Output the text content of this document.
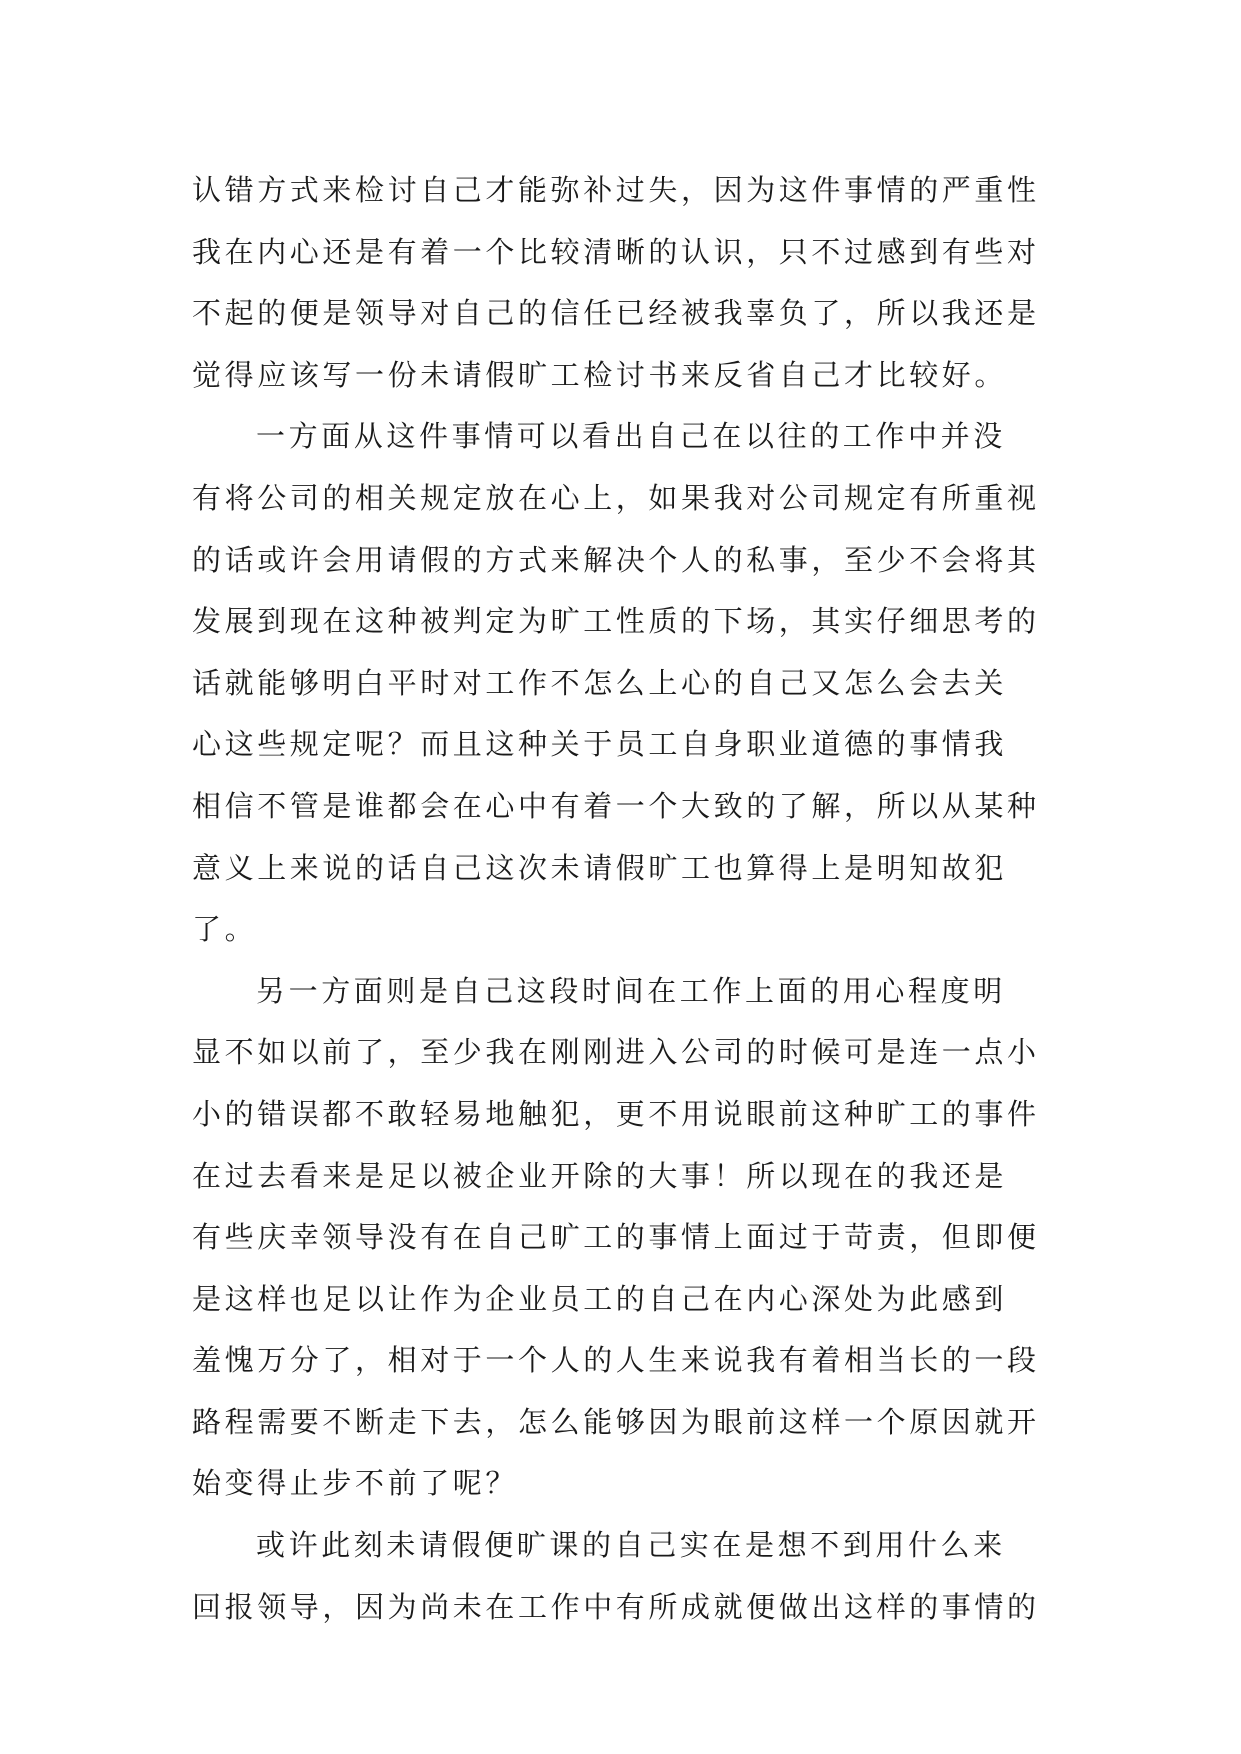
认错方式来检讨自己才能弥补过失，因为这件事情的严重性
我在内心还是有着一个比较清晰的认识，只不过感到有些对
不起的便是领导对自己的信任已经被我辜负了，所以我还是
觉得应该写一份未请假旷工检讨书来反省自己才比较好。
一方面从这件事情可以看出自己在以往的工作中并没
有将公司的相关规定放在心上，如果我对公司规定有所重视
的话或许会用请假的方式来解决个人的私事，至少不会将其
发展到现在这种被判定为旷工性质的下场，其实仔细思考的
话就能够明白平时对工作不怎么上心的自己又怎么会去关
心这些规定呢？而且这种关于员工自身职业道德的事情我
相信不管是谁都会在心中有着一个大致的了解，所以从某种
意义上来说的话自己这次未请假旷工也算得上是明知故犯
了。
另一方面则是自己这段时间在工作上面的用心程度明
显不如以前了，至少我在刚刚进入公司的时候可是连一点小
小的错误都不敢轻易地触犯，更不用说眼前这种旷工的事件
在过去看来是足以被企业开除的大事！所以现在的我还是
有些庆幸领导没有在自己旷工的事情上面过于苛责，但即便
是这样也足以让作为企业员工的自己在内心深处为此感到
羞愧万分了，相对于一个人的人生来说我有着相当长的一段
路程需要不断走下去，怎么能够因为眼前这样一个原因就开
始变得止步不前了呢？
或许此刻未请假便旷课的自己实在是想不到用什么来
回报领导，因为尚未在工作中有所成就便做出这样的事情的
